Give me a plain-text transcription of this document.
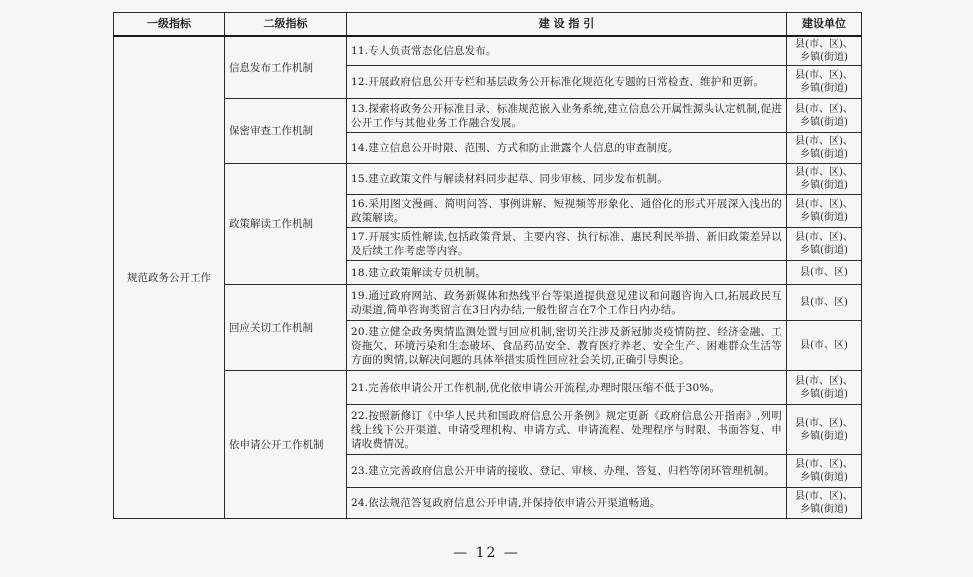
一级指标	二级指标	建 设 指 引	建设单位
规范政务公开工作	信息发布工作机制	11.专人负责常态化信息发布。	县(市、区)、乡镇(街道)
		12.开展政府信息公开专栏和基层政务公开标准化规范化专题的日常检查、维护和更新。	县(市、区)、乡镇(街道)
	保密审查工作机制	13.探索将政务公开标准目录、标准规范嵌入业务系统,建立信息公开属性源头认定机制,促进公开工作与其他业务工作融合发展。	县(市、区)、乡镇(街道)
		14.建立信息公开时限、范围、方式和防止泄露个人信息的审查制度。	县(市、区)、乡镇(街道)
	政策解读工作机制	15.建立政策文件与解读材料同步起草、同步审核、同步发布机制。	县(市、区)、乡镇(街道)
		16.采用图文漫画、简明问答、事例讲解、短视频等形象化、通俗化的形式开展深入浅出的政策解读。	县(市、区)、乡镇(街道)
		17.开展实质性解读,包括政策背景、主要内容、执行标准、惠民利民举措、新旧政策差异以及后续工作考虑等内容。	县(市、区)、乡镇(街道)
		18.建立政策解读专员机制。	县(市、区)
	回应关切工作机制	19.通过政府网站、政务新媒体和热线平台等渠道提供意见建议和问题咨询入口,拓展政民互动渠道,简单咨询类留言在3日内办结,一般性留言在7个工作日内办结。	县(市、区)
		20.建立健全政务舆情监测处置与回应机制,密切关注涉及新冠肺炎疫情防控、经济金融、工资拖欠、环境污染和生态破坏、食品药品安全、教育医疗养老、安全生产、困难群众生活等方面的舆情,以解决问题的具体举措实质性回应社会关切,正确引导舆论。	县(市、区)
	依申请公开工作机制	21.完善依申请公开工作机制,优化依申请公开流程,办理时限压缩不低于30%。	县(市、区)、乡镇(街道)
		22.按照新修订《中华人民共和国政府信息公开条例》规定更新《政府信息公开指南》,列明线上线下公开渠道、申请受理机构、申请方式、申请流程、处理程序与时限、书面答复、申请收费情况。	县(市、区)、乡镇(街道)
		23.建立完善政府信息公开申请的接收、登记、审核、办理、答复、归档等闭环管理机制。	县(市、区)、乡镇(街道)
		24.依法规范答复政府信息公开申请,并保持依申请公开渠道畅通。	县(市、区)、乡镇(街道)
— 12 —
